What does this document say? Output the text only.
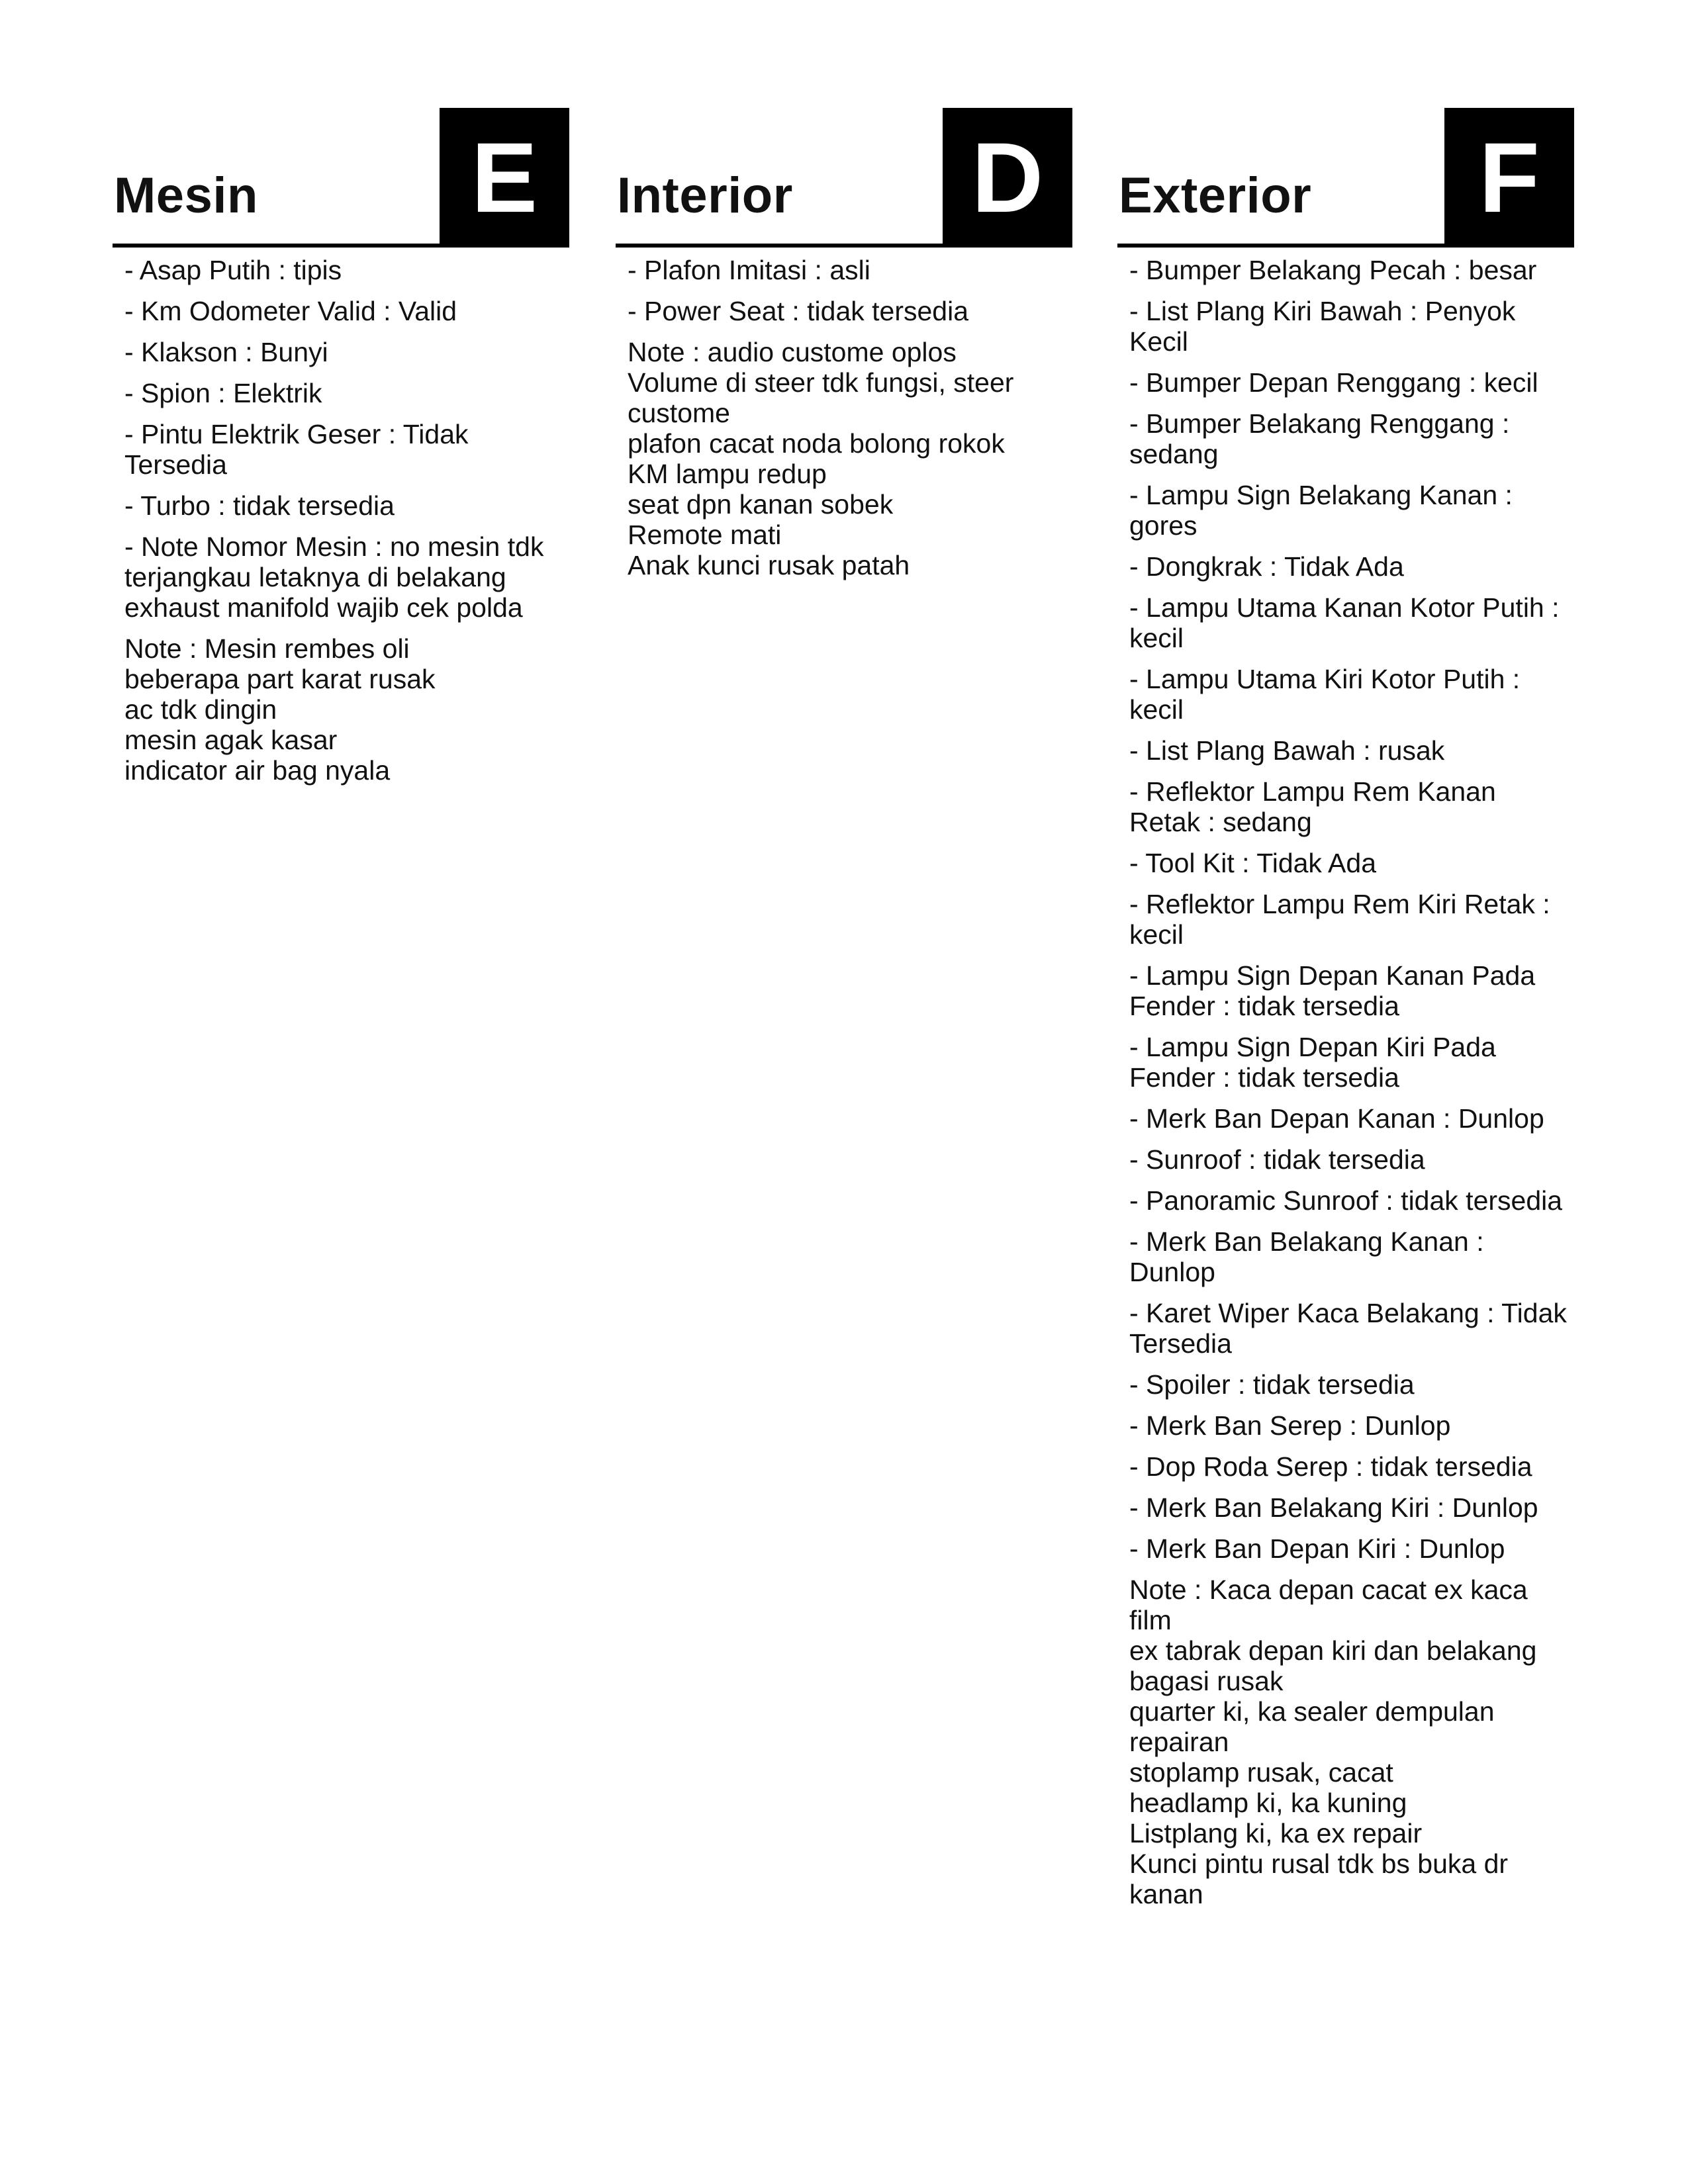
Mesin	E
- Asap Putih : tipis
- Km Odometer Valid : Valid
- Klakson : Bunyi
- Spion : Elektrik
- Pintu Elektrik Geser : Tidak Tersedia
- Turbo : tidak tersedia
- Note Nomor Mesin : no mesin tdk terjangkau letaknya di belakang exhaust manifold wajib cek polda
Note : Mesin rembes oli
beberapa part karat rusak
ac tdk dingin
mesin agak kasar
indicator air bag nyala
Interior D
- Plafon Imitasi : asli
- Power Seat : tidak tersedia
Note : audio custome oplos
Volume di steer tdk fungsi, steer custome
plafon cacat noda bolong rokok
KM lampu redup
seat dpn kanan sobek
Remote mati
Anak kunci rusak patah
Exterior	F
- Bumper Belakang Pecah : besar
- List Plang Kiri Bawah : Penyok Kecil
- Bumper Depan Renggang : kecil
- Bumper Belakang Renggang : sedang
- Lampu Sign Belakang Kanan : gores
- Dongkrak : Tidak Ada
- Lampu Utama Kanan Kotor Putih : kecil
- Lampu Utama Kiri Kotor Putih : kecil
- List Plang Bawah : rusak
- Reflektor Lampu Rem Kanan Retak : sedang
- Tool Kit : Tidak Ada
- Reflektor Lampu Rem Kiri Retak : kecil
- Lampu Sign Depan Kanan Pada Fender : tidak tersedia
- Lampu Sign Depan Kiri Pada Fender : tidak tersedia
- Merk Ban Depan Kanan : Dunlop
- Sunroof : tidak tersedia
- Panoramic Sunroof : tidak tersedia
- Merk Ban Belakang Kanan : Dunlop
- Karet Wiper Kaca Belakang : Tidak Tersedia
- Spoiler : tidak tersedia
- Merk Ban Serep : Dunlop
- Dop Roda Serep : tidak tersedia
- Merk Ban Belakang Kiri : Dunlop
- Merk Ban Depan Kiri : Dunlop
Note : Kaca depan cacat ex kaca film
ex tabrak depan kiri dan belakang bagasi rusak
quarter ki, ka sealer dempulan repairan
stoplamp rusak, cacat
headlamp ki, ka kuning
Listplang ki, ka ex repair
Kunci pintu rusal tdk bs buka dr kanan
